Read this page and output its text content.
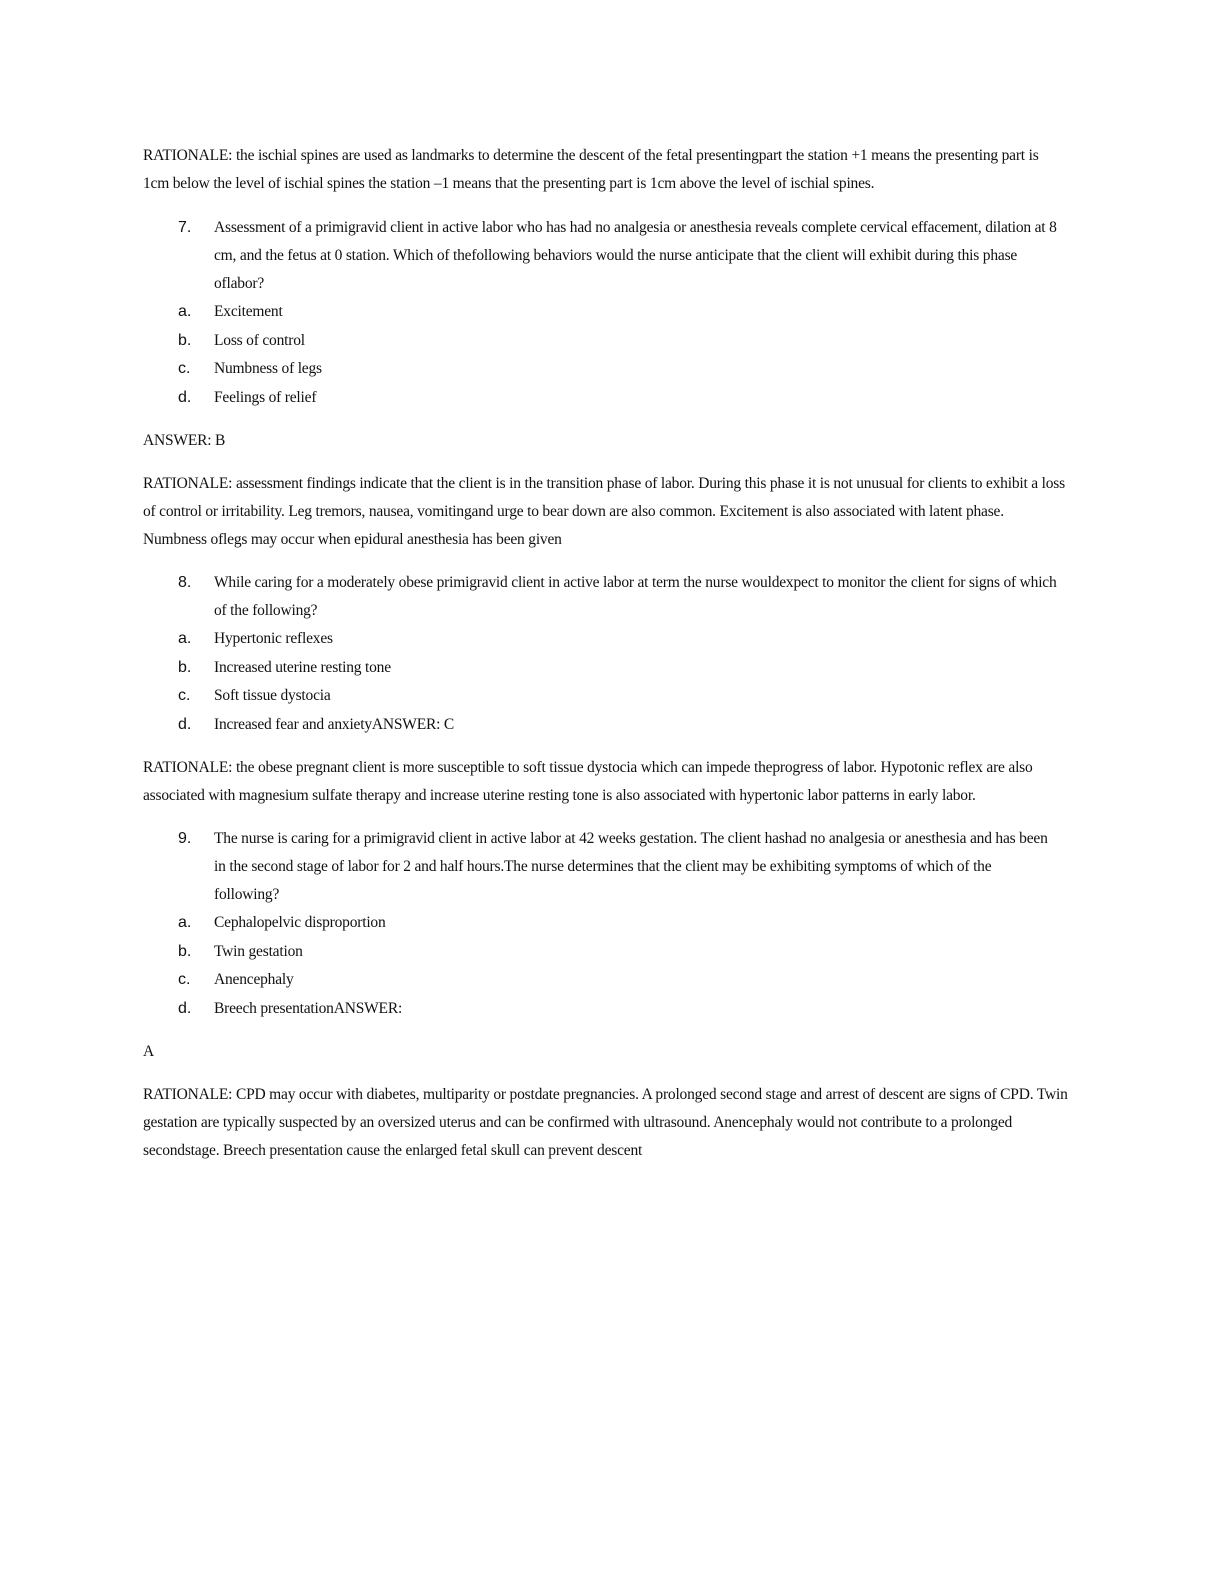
RATIONALE: the ischial spines are used as landmarks to determine the descent of the fetal presentingpart the station +1 means the presenting part is 1cm below the level of ischial spines the station –1 means that the presenting part is 1cm above the level of ischial spines.

7.	Assessment of a primigravid client in active labor who has had no analgesia or anesthesia reveals complete cervical effacement, dilation at 8 cm, and the fetus at 0 station. Which of thefollowing behaviors would the nurse anticipate that the client will exhibit during this phase oflabor?
a.	Excitement
b.	Loss of control
c.	Numbness of legs
d.	Feelings of relief

ANSWER: B

RATIONALE: assessment findings indicate that the client is in the transition phase of labor. During this phase it is not unusual for clients to exhibit a loss of control or irritability. Leg tremors, nausea, vomitingand urge to bear down are also common. Excitement is also associated with latent phase. Numbness oflegs may occur when epidural anesthesia has been given

8.	While caring for a moderately obese primigravid client in active labor at term the nurse wouldexpect to monitor the client for signs of which of the following?
a.	Hypertonic reflexes
b.	Increased uterine resting tone
c.	Soft tissue dystocia
d.	Increased fear and anxietyANSWER: C

RATIONALE: the obese pregnant client is more susceptible to soft tissue dystocia which can impede theprogress of labor. Hypotonic reflex are also associated with magnesium sulfate therapy and increase uterine resting tone is also associated with hypertonic labor patterns in early labor.

9.	The nurse is caring for a primigravid client in active labor at 42 weeks gestation. The client hashad no analgesia or anesthesia and has been in the second stage of labor for 2 and half hours.The nurse determines that the client may be exhibiting symptoms of which of the following?
a.	Cephalopelvic disproportion
b.	Twin gestation
c.	Anencephaly
d.	Breech presentationANSWER:

A

RATIONALE: CPD may occur with diabetes, multiparity or postdate pregnancies. A prolonged second stage and arrest of descent are signs of CPD. Twin gestation are typically suspected by an oversized uterus and can be confirmed with ultrasound. Anencephaly would not contribute to a prolonged secondstage. Breech presentation cause the enlarged fetal skull can prevent descent
